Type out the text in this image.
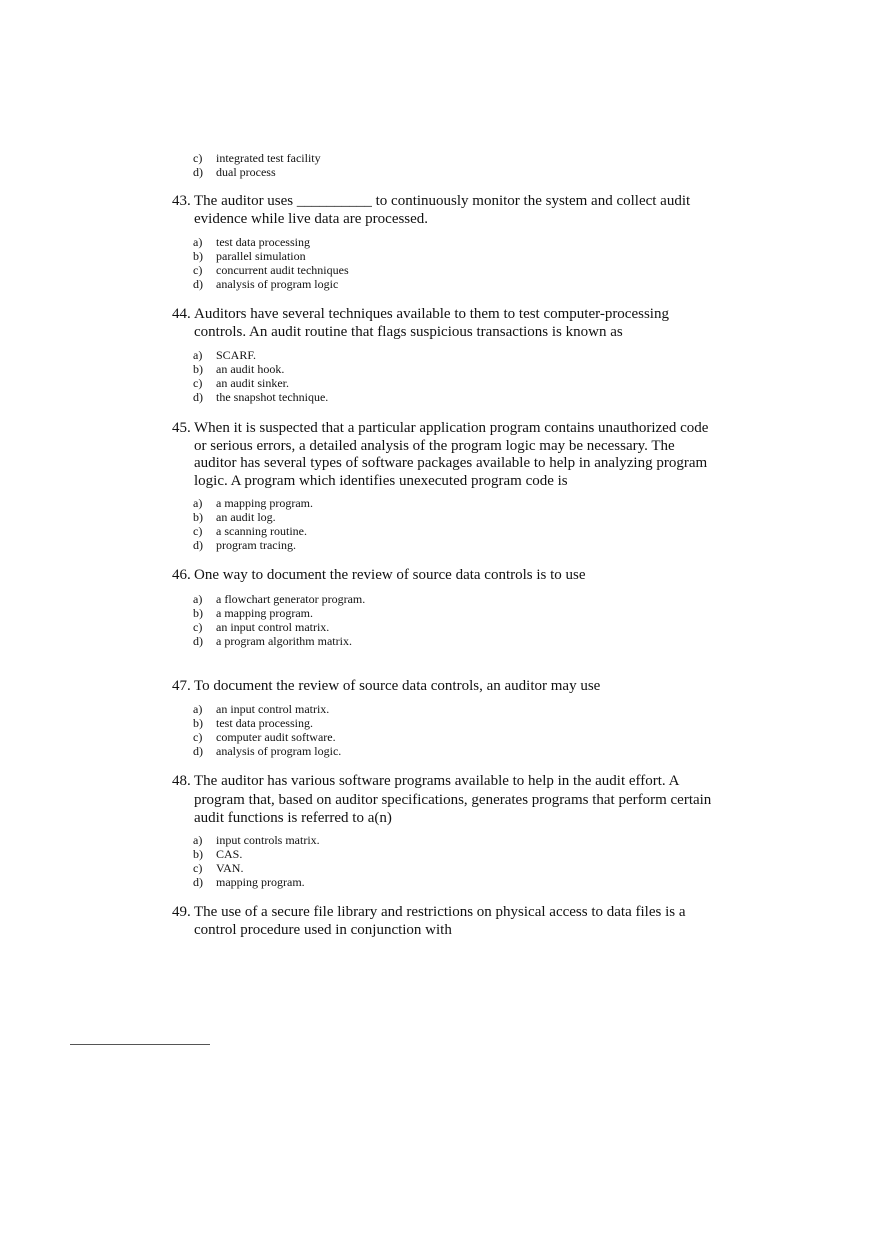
c) integrated test facility
d) dual process
43. The auditor uses __________ to continuously monitor the system and collect audit
evidence while live data are processed.
a) test data processing
b) parallel simulation
c) concurrent audit techniques
d) analysis of program logic
44. Auditors have several techniques available to them to test computer-processing
controls. An audit routine that flags suspicious transactions is known as
a) SCARF.
b) an audit hook.
c) an audit sinker.
d) the snapshot technique.
45. When it is suspected that a particular application program contains unauthorized code
or serious errors, a detailed analysis of the program logic may be necessary. The
auditor has several types of software packages available to help in analyzing program
logic. A program which identifies unexecuted program code is
a) a mapping program.
b) an audit log.
c) a scanning routine.
d) program tracing.
46. One way to document the review of source data controls is to use
a) a flowchart generator program.
b) a mapping program.
c) an input control matrix.
d) a program algorithm matrix.
47. To document the review of source data controls, an auditor may use
a) an input control matrix.
b) test data processing.
c) computer audit software.
d) analysis of program logic.
48. The auditor has various software programs available to help in the audit effort. A
program that, based on auditor specifications, generates programs that perform certain
audit functions is referred to a(n)
a) input controls matrix.
b) CAS.
c) VAN.
d) mapping program.
49. The use of a secure file library and restrictions on physical access to data files is a
control procedure used in conjunction with
